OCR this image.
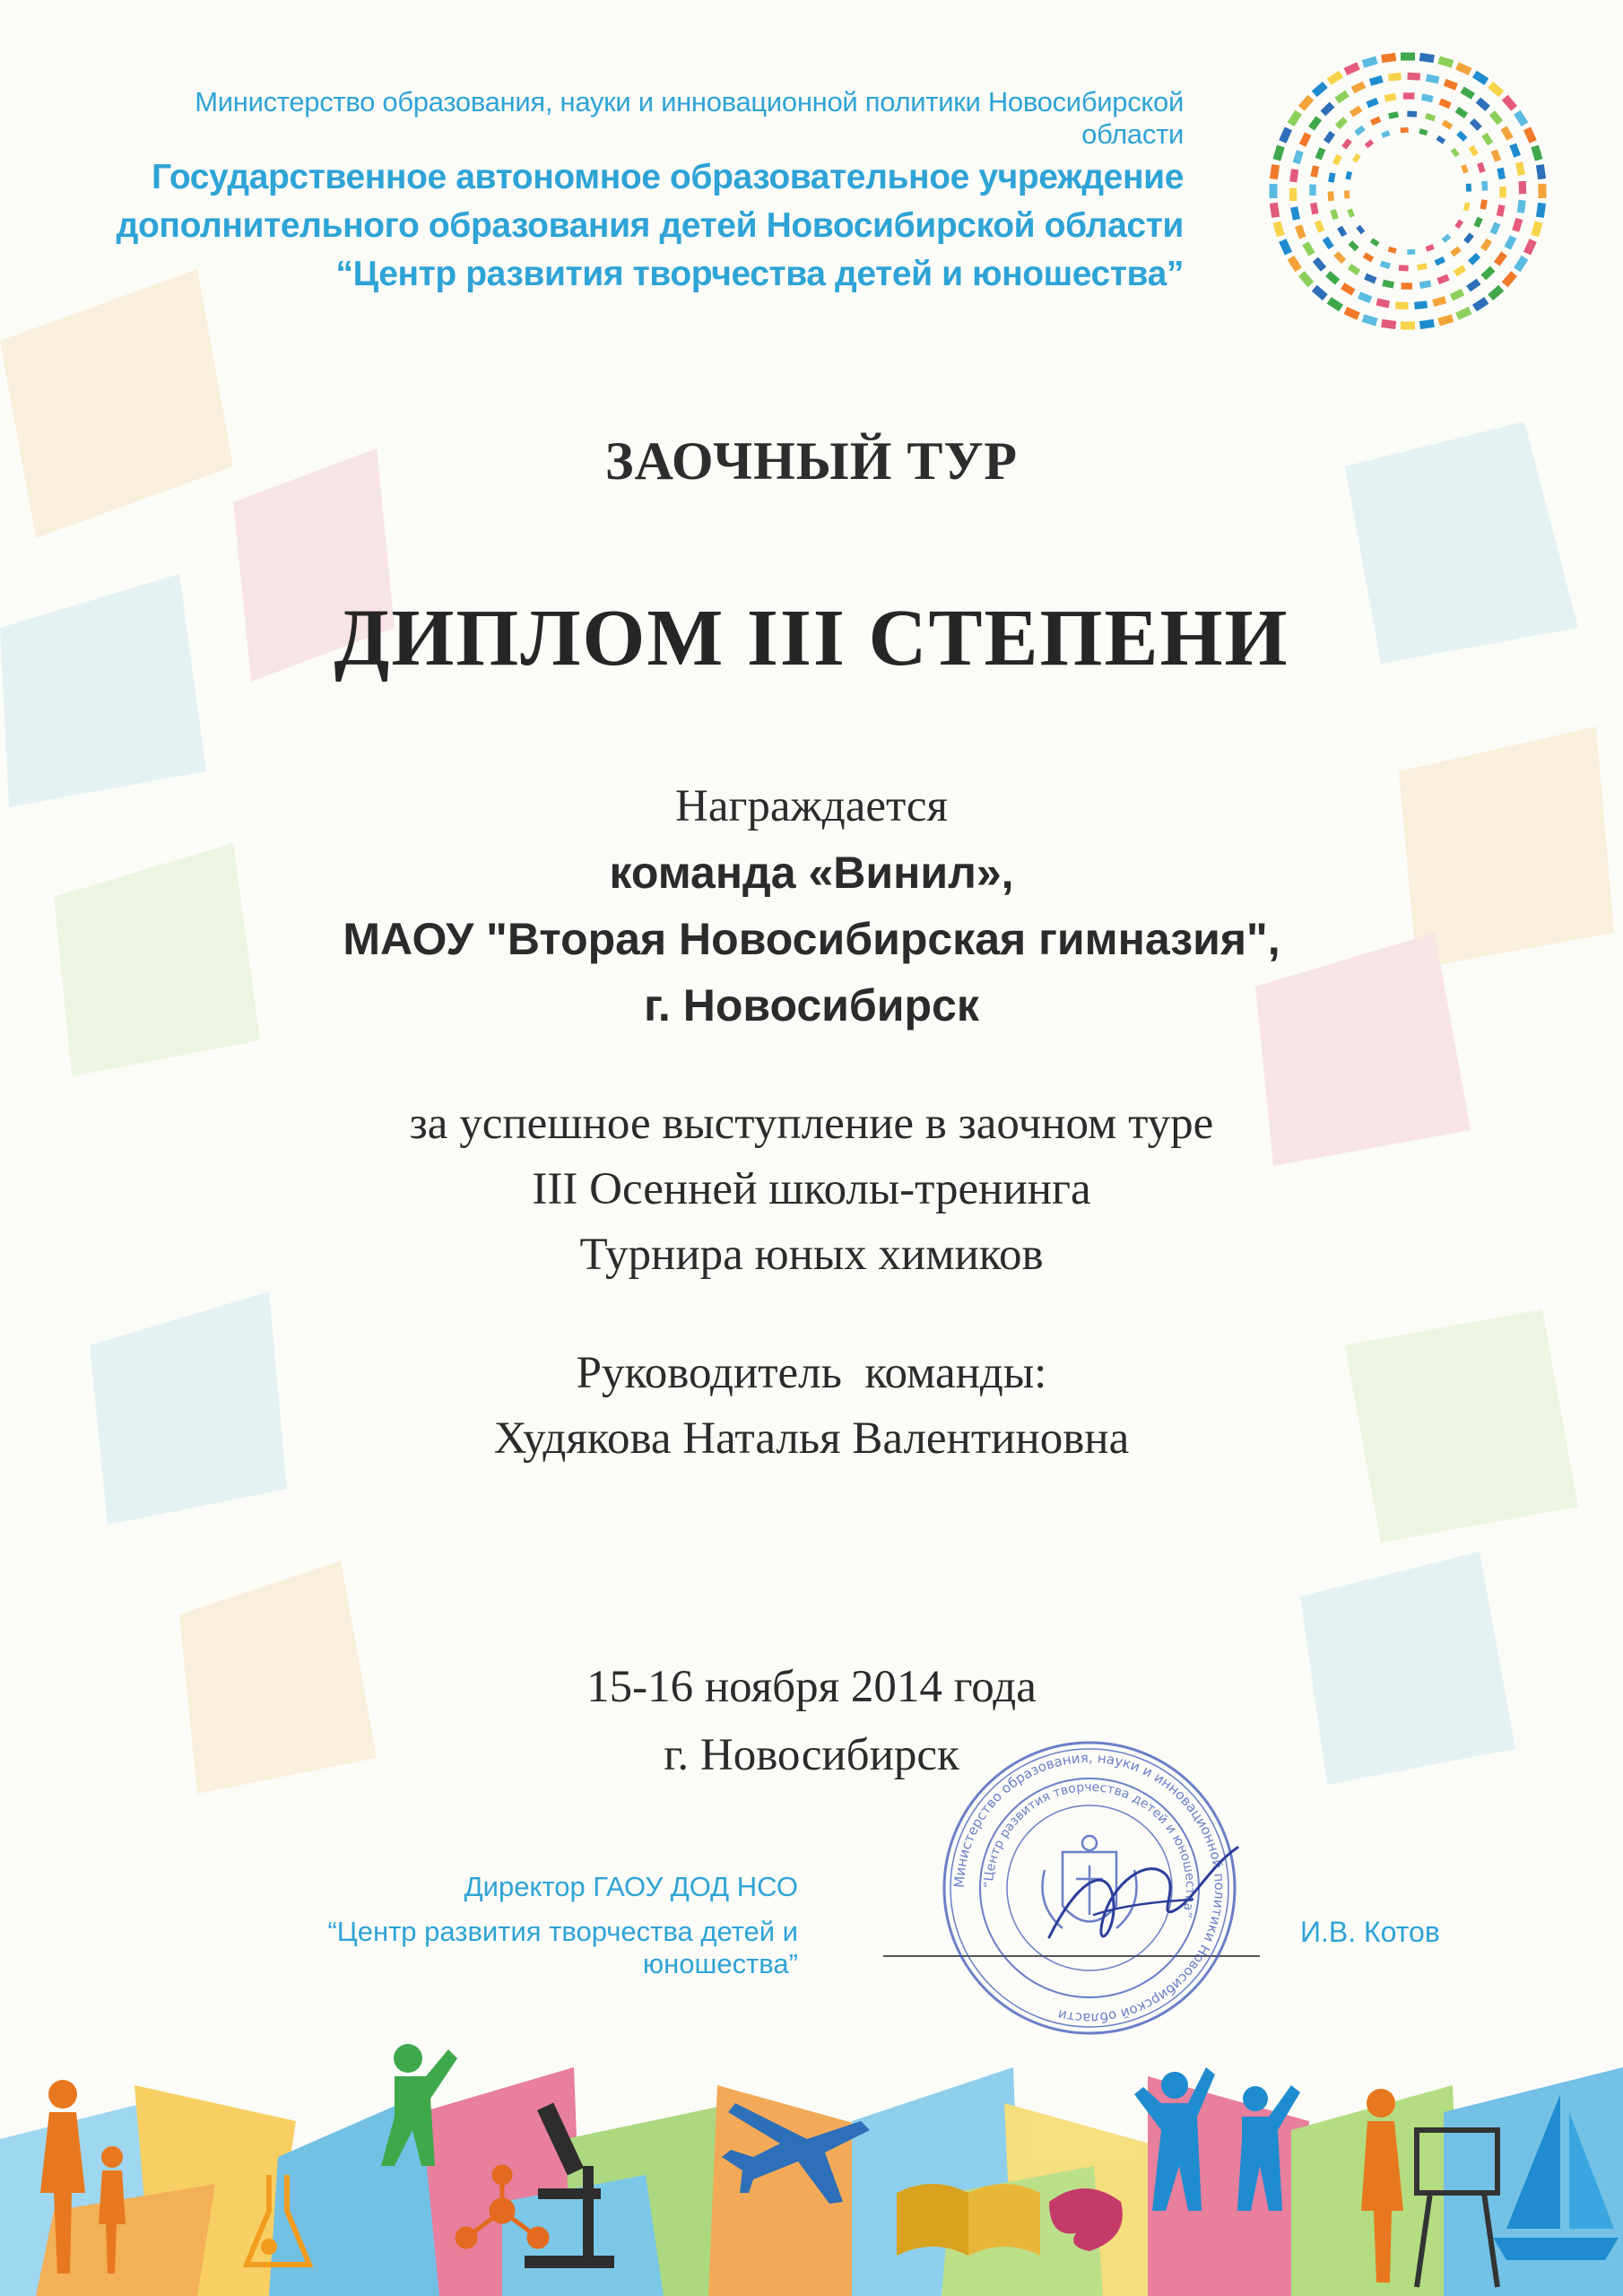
Министерство образования, науки и инновационной политики Новосибирской области
Государственное автономное образовательное учреждение
дополнительного образования детей Новосибирской области
“Центр развития творчества детей и юношества”
ЗАОЧНЫЙ ТУР
ДИПЛОМ III СТЕПЕНИ
Награждается
команда «Винил»,
МАОУ "Вторая Новосибирская гимназия",
г. Новосибирск
за успешное выступление в заочном туре
III Осенней школы-тренинга
Турнира юных химиков
Руководитель  команды:
Худякова Наталья Валентиновна
15-16 ноября 2014 года
г. Новосибирск
Директор ГАОУ ДОД НСО
“Центр развития творчества детей и юношества”
И.В. Котов
Министерство образования, науки и инновационной политики Новосибирской области
“Центр развития творчества детей и юношества”
